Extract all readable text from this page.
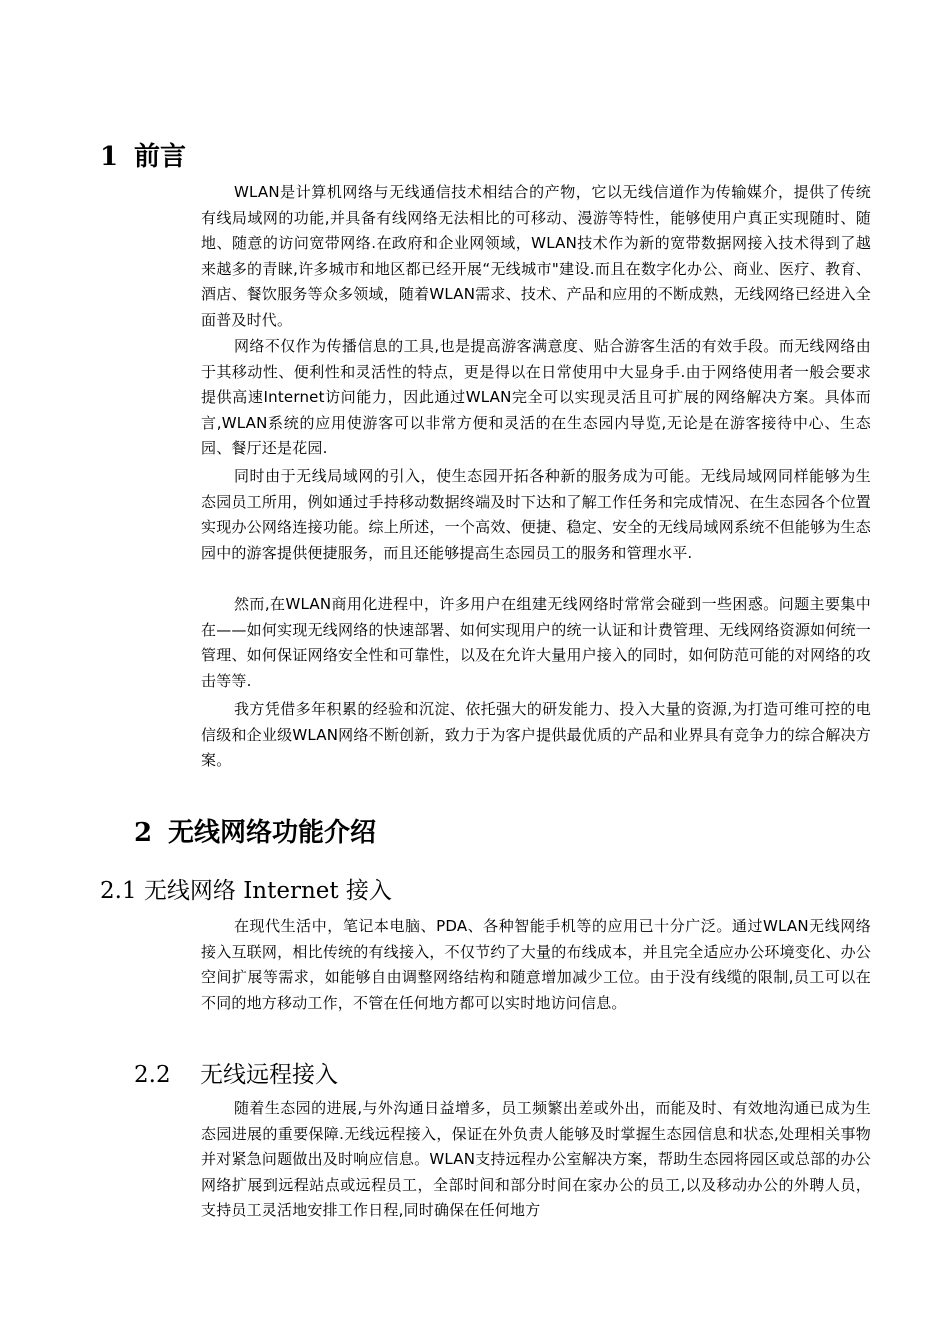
1 前言

WLAN是计算机网络与无线通信技术相结合的产物，它以无线信道作为传输媒介，提供了传统有线局域网的功能,并具备有线网络无法相比的可移动、漫游等特性，能够使用户真正实现随时、随地、随意的访问宽带网络.在政府和企业网领域，WLAN技术作为新的宽带数据网接入技术得到了越来越多的青睐,许多城市和地区都已经开展“无线城市"建设.而且在数字化办公、商业、医疗、教育、酒店、餐饮服务等众多领域，随着WLAN需求、技术、产品和应用的不断成熟，无线网络已经进入全面普及时代。

网络不仅作为传播信息的工具,也是提高游客满意度、贴合游客生活的有效手段。而无线网络由于其移动性、便利性和灵活性的特点，更是得以在日常使用中大显身手.由于网络使用者一般会要求提供高速Internet访问能力，因此通过WLAN完全可以实现灵活且可扩展的网络解决方案。具体而言,WLAN系统的应用使游客可以非常方便和灵活的在生态园内导览,无论是在游客接待中心、生态园、餐厅还是花园.

同时由于无线局域网的引入，使生态园开拓各种新的服务成为可能。无线局域网同样能够为生态园员工所用，例如通过手持移动数据终端及时下达和了解工作任务和完成情况、在生态园各个位置实现办公网络连接功能。综上所述，一个高效、便捷、稳定、安全的无线局域网系统不但能够为生态园中的游客提供便捷服务，而且还能够提高生态园员工的服务和管理水平.

然而,在WLAN商用化进程中，许多用户在组建无线网络时常常会碰到一些困惑。问题主要集中在——如何实现无线网络的快速部署、如何实现用户的统一认证和计费管理、无线网络资源如何统一管理、如何保证网络安全性和可靠性，以及在允许大量用户接入的同时，如何防范可能的对网络的攻击等等.

我方凭借多年积累的经验和沉淀、依托强大的研发能力、投入大量的资源,为打造可维可控的电信级和企业级WLAN网络不断创新，致力于为客户提供最优质的产品和业界具有竞争力的综合解决方案。

2 无线网络功能介绍
2.1 无线网络 Internet 接入

在现代生活中，笔记本电脑、PDA、各种智能手机等的应用已十分广泛。通过WLAN无线网络接入互联网，相比传统的有线接入，不仅节约了大量的布线成本，并且完全适应办公环境变化、办公空间扩展等需求，如能够自由调整网络结构和随意增加减少工位。由于没有线缆的限制,员工可以在不同的地方移动工作，不管在任何地方都可以实时地访问信息。

2.2 无线远程接入

随着生态园的进展,与外沟通日益增多，员工频繁出差或外出，而能及时、有效地沟通已成为生态园进展的重要保障.无线远程接入，保证在外负责人能够及时掌握生态园信息和状态,处理相关事物并对紧急问题做出及时响应信息。WLAN支持远程办公室解决方案，帮助生态园将园区或总部的办公网络扩展到远程站点或远程员工，全部时间和部分时间在家办公的员工,以及移动办公的外聘人员，支持员工灵活地安排工作日程,同时确保在任何地方
